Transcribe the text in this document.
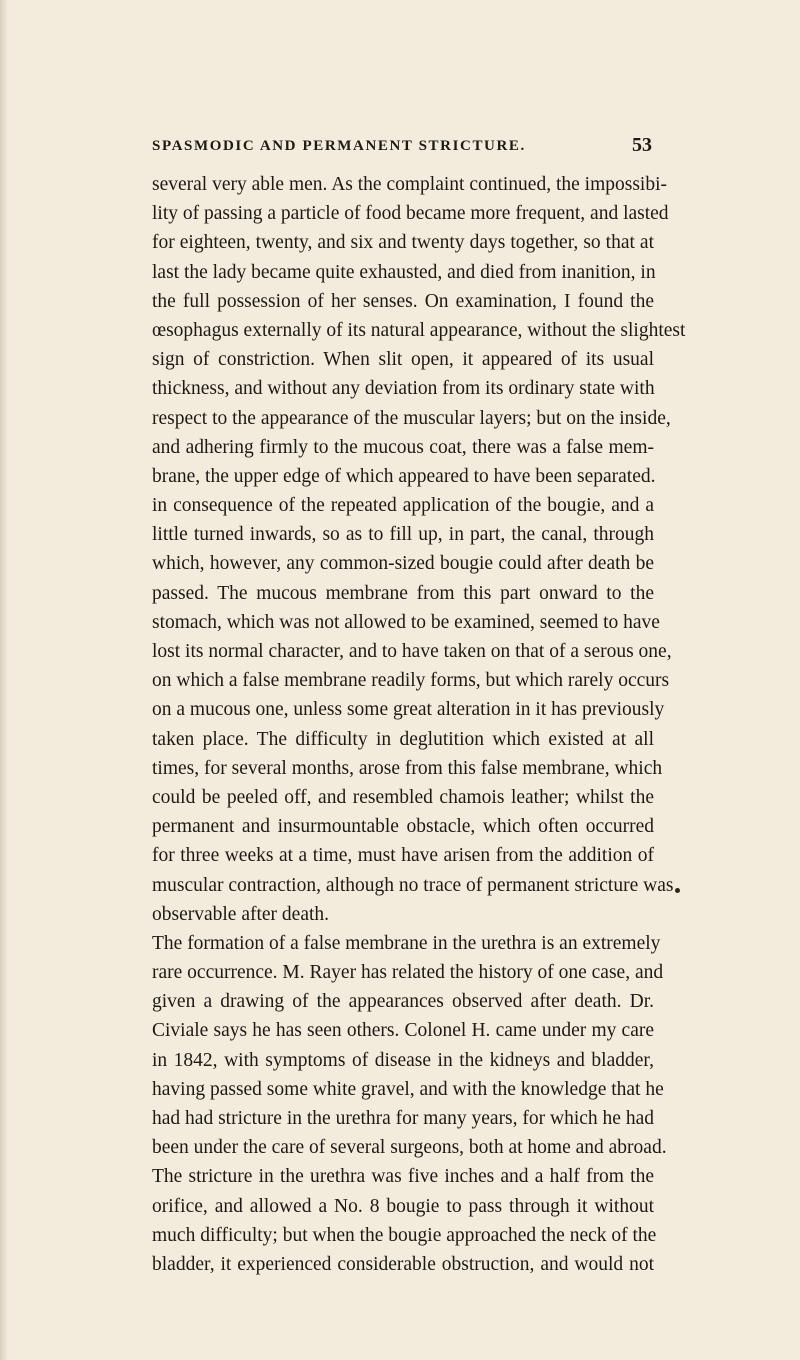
SPASMODIC AND PERMANENT STRICTURE.	53
several very able men. As the complaint continued, the impossibi-
lity of passing a particle of food became more frequent, and lasted
for eighteen, twenty, and six and twenty days together, so that at
last the lady became quite exhausted, and died from inanition, in
the full possession of her senses. On examination, I found the
œsophagus externally of its natural appearance, without the slightest
sign of constriction. When slit open, it appeared of its usual
thickness, and without any deviation from its ordinary state with
respect to the appearance of the muscular layers; but on the inside,
and adhering firmly to the mucous coat, there was a false mem-
brane, the upper edge of which appeared to have been separated.
in consequence of the repeated application of the bougie, and a
little turned inwards, so as to fill up, in part, the canal, through
which, however, any common-sized bougie could after death be
passed. The mucous membrane from this part onward to the
stomach, which was not allowed to be examined, seemed to have
lost its normal character, and to have taken on that of a serous one,
on which a false membrane readily forms, but which rarely occurs
on a mucous one, unless some great alteration in it has previously
taken place. The difficulty in deglutition which existed at all
times, for several months, arose from this false membrane, which
could be peeled off, and resembled chamois leather; whilst the
permanent and insurmountable obstacle, which often occurred
for three weeks at a time, must have arisen from the addition of
muscular contraction, although no trace of permanent stricture was
observable after death.
The formation of a false membrane in the urethra is an extremely
rare occurrence. M. Rayer has related the history of one case, and
given a drawing of the appearances observed after death. Dr.
Civiale says he has seen others. Colonel H. came under my care
in 1842, with symptoms of disease in the kidneys and bladder,
having passed some white gravel, and with the knowledge that he
had had stricture in the urethra for many years, for which he had
been under the care of several surgeons, both at home and abroad.
The stricture in the urethra was five inches and a half from the
orifice, and allowed a No. 8 bougie to pass through it without
much difficulty; but when the bougie approached the neck of the
bladder, it experienced considerable obstruction, and would not
